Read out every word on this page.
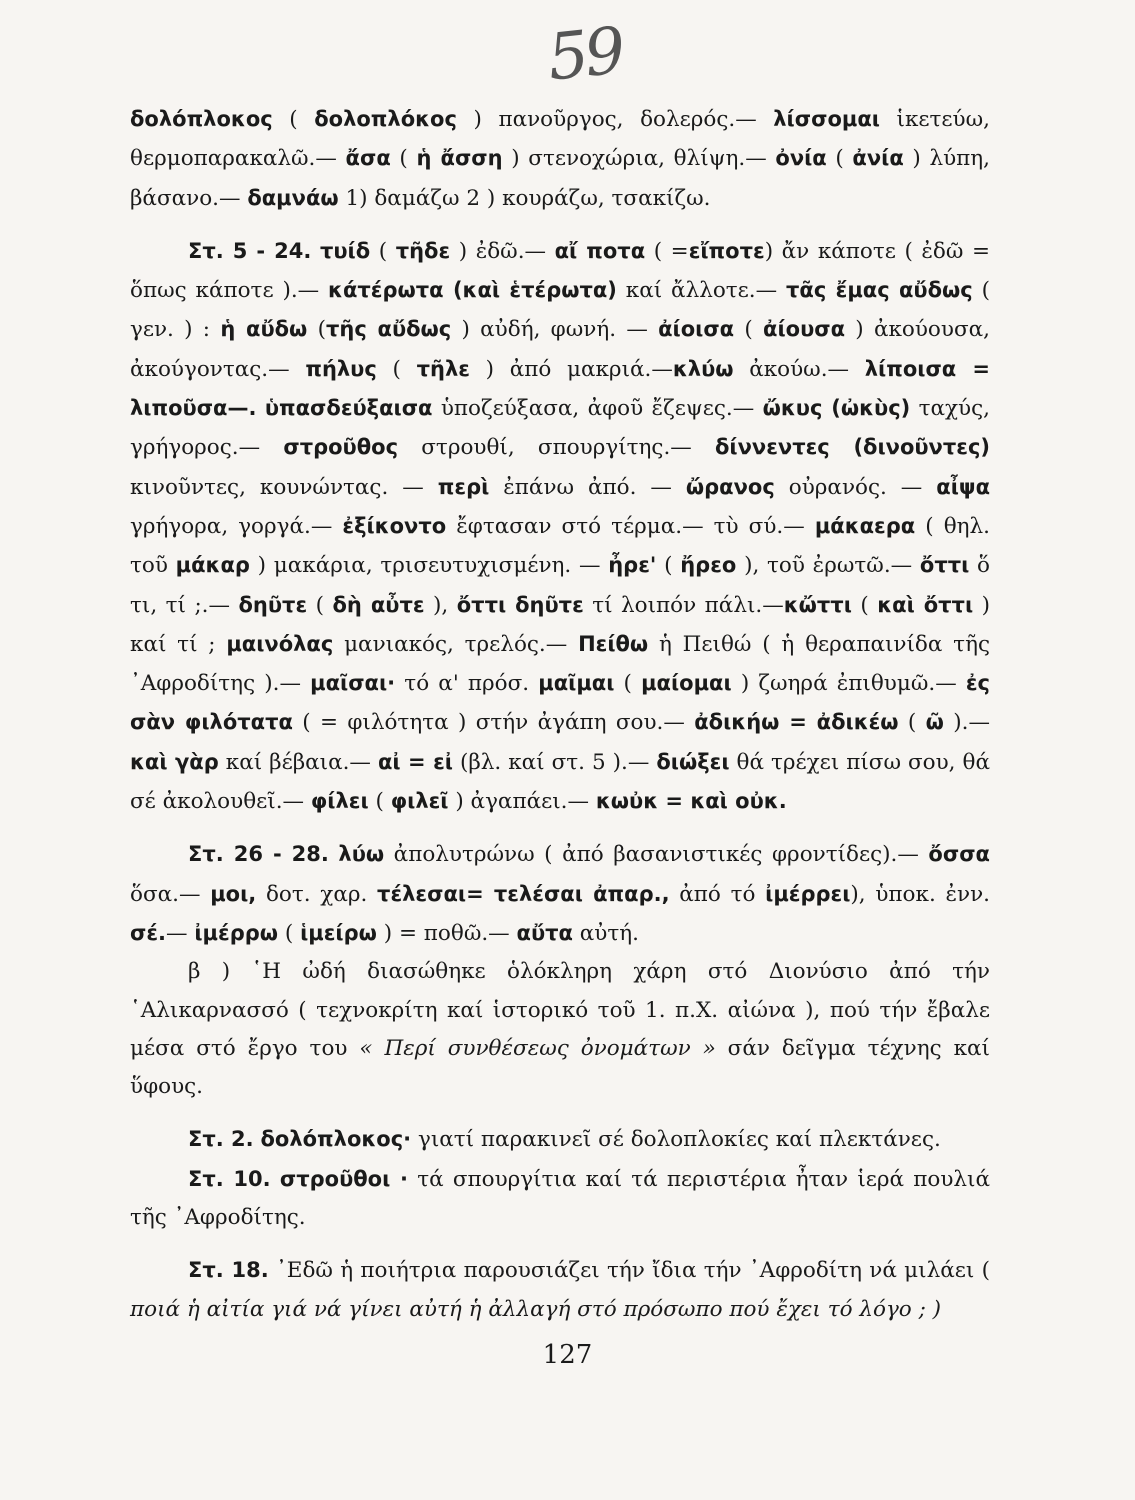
59

δολόπλοκος ( δολοπλόκος ) πανοῦργος, δολερός.— λίσσομαι ἱκετεύω, θερμοπαρακαλῶ.— ἄσα ( ἡ ἄσση ) στενοχώρια, θλίψη.— ὀνία ( ἀνία ) λύπη, βάσανο.— δαμνάω 1) δαμάζω 2 ) κουράζω, τσακίζω.

Στ. 5 - 24. τυίδ ( τῆδε ) ἐδῶ.— αἴ ποτα ( =εἴποτε) ἄν κάποτε ( ἐδῶ = ὅπως κάποτε ).— κάτέρωτα (καὶ ἑτέρωτα) καί ἄλλοτε.— τᾶς ἔμας αὔδως ( γεν. ) : ἡ αὔδω (τῆς αὔδως ) αὐδή, φωνή. — ἀίοισα ( ἀίουσα ) ἀκούουσα, ἀκούγοντας.— πήλυς ( τῆλε ) ἀπό μακριά.—κλύω ἀκούω.— λίποισα = λιποῦσα—. ὑπασδεύξαισα ὑποζεύξασα, ἀφοῦ ἔζεψες.— ὤκυς (ὠκὺς) ταχύς, γρήγορος.— στροῦθος στρουθί, σπουργίτης.— δίννεντες (δινοῦντες) κινοῦντες, κουνώντας. — περὶ ἐπάνω ἀπό. — ὤρανος οὐρανός. — αἶψα γρήγορα, γοργά.— ἐξίκοντο ἔφτασαν στό τέρμα.— τὺ σύ.— μάκαερα ( θηλ. τοῦ μάκαρ ) μακάρια, τρισευτυχισμένη. — ἦρε' ( ἤρεο ), τοῦ ἐρωτῶ.— ὄττι ὅ τι, τί ;.— δηῦτε ( δὴ αὖτε ), ὄττι δηῦτε τί λοιπόν πάλι.—κὤττι ( καὶ ὄττι ) καί τί ; μαινόλας μανιακός, τρελός.— Πείθω ἡ Πειθώ ( ἡ θεραπαινίδα τῆς ᾿Αφροδίτης ).— μαῖσαι· τό α' πρόσ. μαῖμαι ( μαίομαι ) ζωηρά ἐπιθυμῶ.— ἐς σὰν φιλότατα ( = φιλότητα ) στήν ἀγάπη σου.— ἀδικήω = ἀδικέω ( ῶ ).— καὶ γὰρ καί βέβαια.— αἰ = εἰ (βλ. καί στ. 5 ).— διώξει θά τρέχει πίσω σου, θά σέ ἀκολουθεῖ.— φίλει ( φιλεῖ ) ἀγαπάει.— κωὐκ = καὶ οὐκ.

Στ. 26 - 28. λύω ἀπολυτρώνω ( ἀπό βασανιστικές φροντίδες).— ὄσσα ὅσα.— μοι, δοτ. χαρ. τέλεσαι= τελέσαι ἀπαρ., ἀπό τό ἰμέρρει), ὑποκ. ἐνν. σέ.— ἰμέρρω ( ἱμείρω ) = ποθῶ.— αὔτα αὐτή.

β ) ῾Η ὠδή διασώθηκε ὁλόκληρη χάρη στό Διονύσιο ἀπό τήν ῾Αλικαρνασσό ( τεχνοκρίτη καί ἱστορικό τοῦ 1. π.Χ. αἰώνα ), πού τήν ἔβαλε μέσα στό ἔργο του « Περί συνθέσεως ὀνομάτων » σάν δεῖγμα τέχνης καί ὕφους.

Στ. 2. δολόπλοκος· γιατί παρακινεῖ σέ δολοπλοκίες καί πλεκτάνες.

Στ. 10. στροῦθοι · τά σπουργίτια καί τά περιστέρια ἦταν ἱερά πουλιά τῆς ᾿Αφροδίτης.

Στ. 18. ᾿Εδῶ ἡ ποιήτρια παρουσιάζει τήν ἴδια τήν ᾿Αφροδίτη νά μιλάει ( ποιά ἡ αἰτία γιά νά γίνει αὐτή ἡ ἀλλαγή στό πρόσωπο πού ἔχει τό λόγο ; )

127
